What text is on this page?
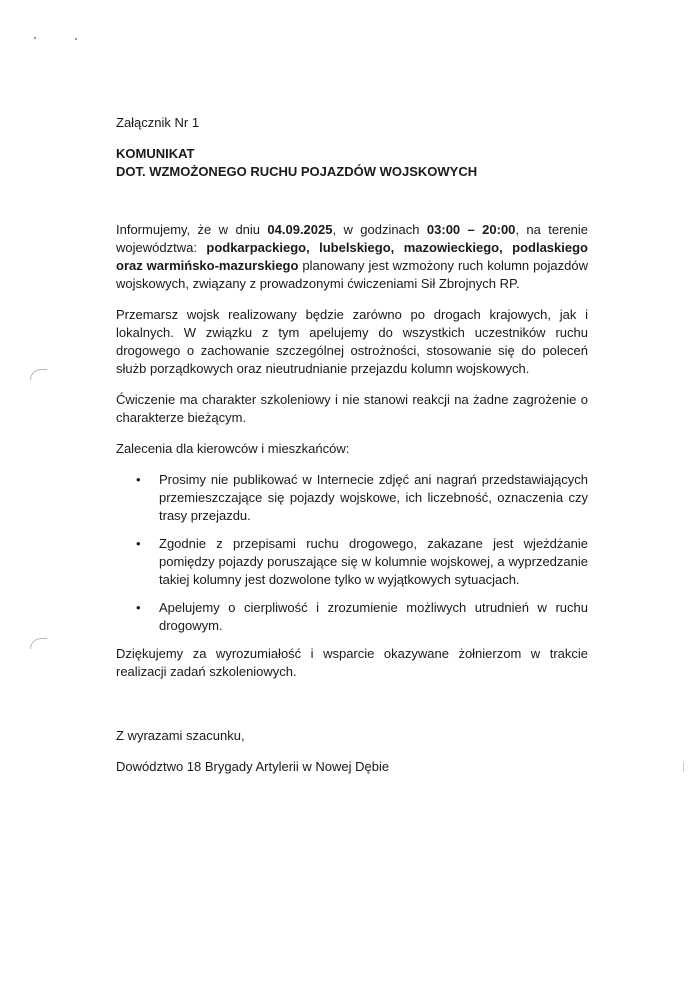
Załącznik Nr 1
KOMUNIKAT
DOT. WZMOŻONEGO RUCHU POJAZDÓW WOJSKOWYCH

Informujemy, że w dniu 04.09.2025, w godzinach 03:00 – 20:00, na terenie województwa: podkarpackiego, lubelskiego, mazowieckiego, podlaskiego oraz warmińsko-mazurskiego planowany jest wzmożony ruch kolumn pojazdów wojskowych, związany z prowadzonymi ćwiczeniami Sił Zbrojnych RP.

Przemarsz wojsk realizowany będzie zarówno po drogach krajowych, jak i lokalnych. W związku z tym apelujemy do wszystkich uczestników ruchu drogowego o zachowanie szczególnej ostrożności, stosowanie się do poleceń służb porządkowych oraz nieutrudnianie przejazdu kolumn wojskowych.

Ćwiczenie ma charakter szkoleniowy i nie stanowi reakcji na żadne zagrożenie o charakterze bieżącym.

Zalecenia dla kierowców i mieszkańców:

• Prosimy nie publikować w Internecie zdjęć ani nagrań przedstawiających przemieszczające się pojazdy wojskowe, ich liczebność, oznaczenia czy trasy przejazdu.
• Zgodnie z przepisami ruchu drogowego, zakazane jest wjeżdżanie pomiędzy pojazdy poruszające się w kolumnie wojskowej, a wyprzedzanie takiej kolumny jest dozwolone tylko w wyjątkowych sytuacjach.
• Apelujemy o cierpliwość i zrozumienie możliwych utrudnień w ruchu drogowym.

Dziękujemy za wyrozumiałość i wsparcie okazywane żołnierzom w trakcie realizacji zadań szkoleniowych.

Z wyrazami szacunku,
Dowództwo 18 Brygady Artylerii w Nowej Dębie
